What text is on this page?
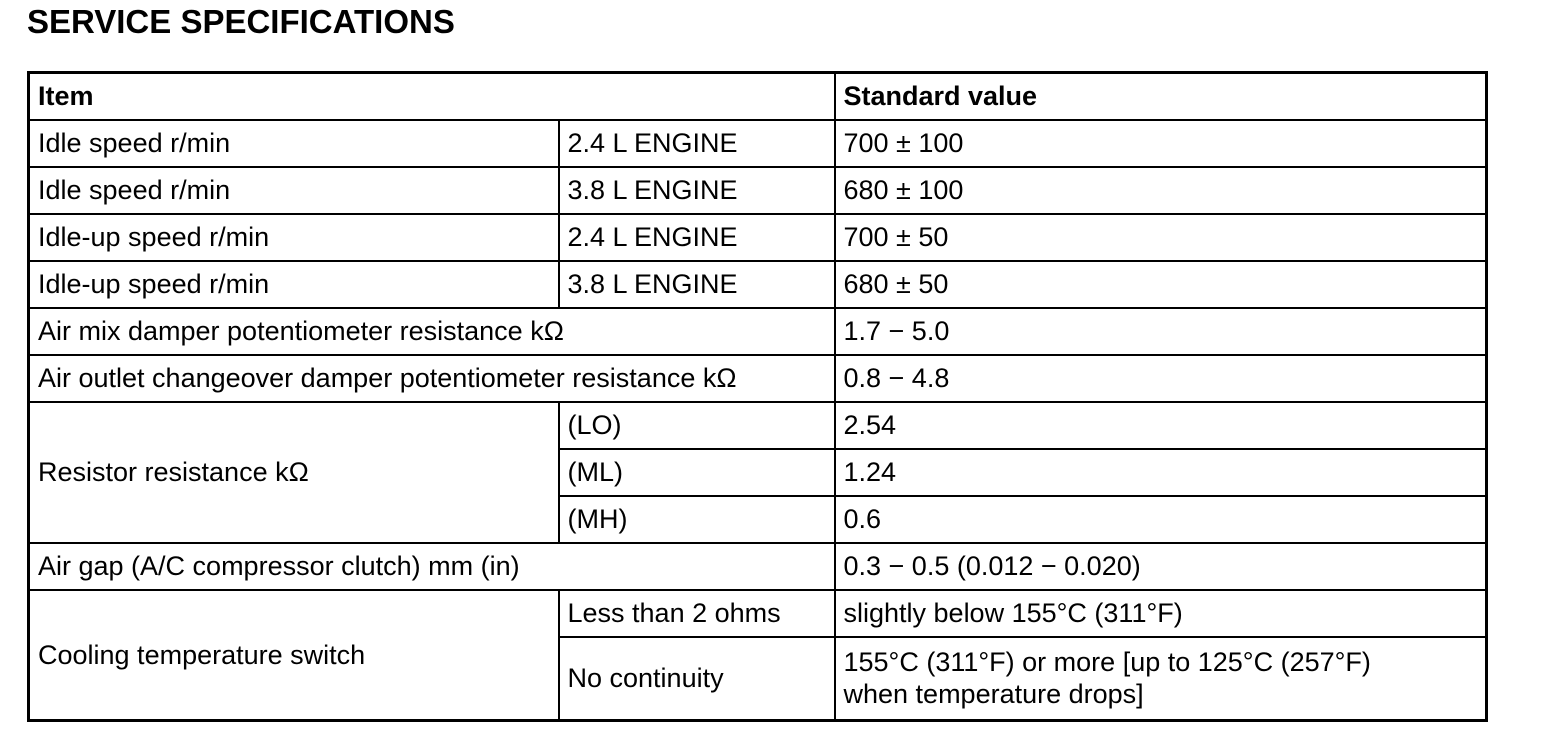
SERVICE SPECIFICATIONS
Item		Standard value
Idle speed r/min	2.4 L ENGINE	700 ± 100
Idle speed r/min	3.8 L ENGINE	680 ± 100
Idle-up speed r/min	2.4 L ENGINE	700 ± 50
Idle-up speed r/min	3.8 L ENGINE	680 ± 50
Air mix damper potentiometer resistance kΩ		1.7 − 5.0
Air outlet changeover damper potentiometer resistance kΩ		0.8 − 4.8
Resistor resistance kΩ	(LO)	2.54
	(ML)	1.24
	(MH)	0.6
Air gap (A/C compressor clutch) mm (in)		0.3 − 0.5 (0.012 − 0.020)
Cooling temperature switch	Less than 2 ohms	slightly below 155°C (311°F)
	No continuity	155°C (311°F) or more [up to 125°C (257°F)
when temperature drops]
